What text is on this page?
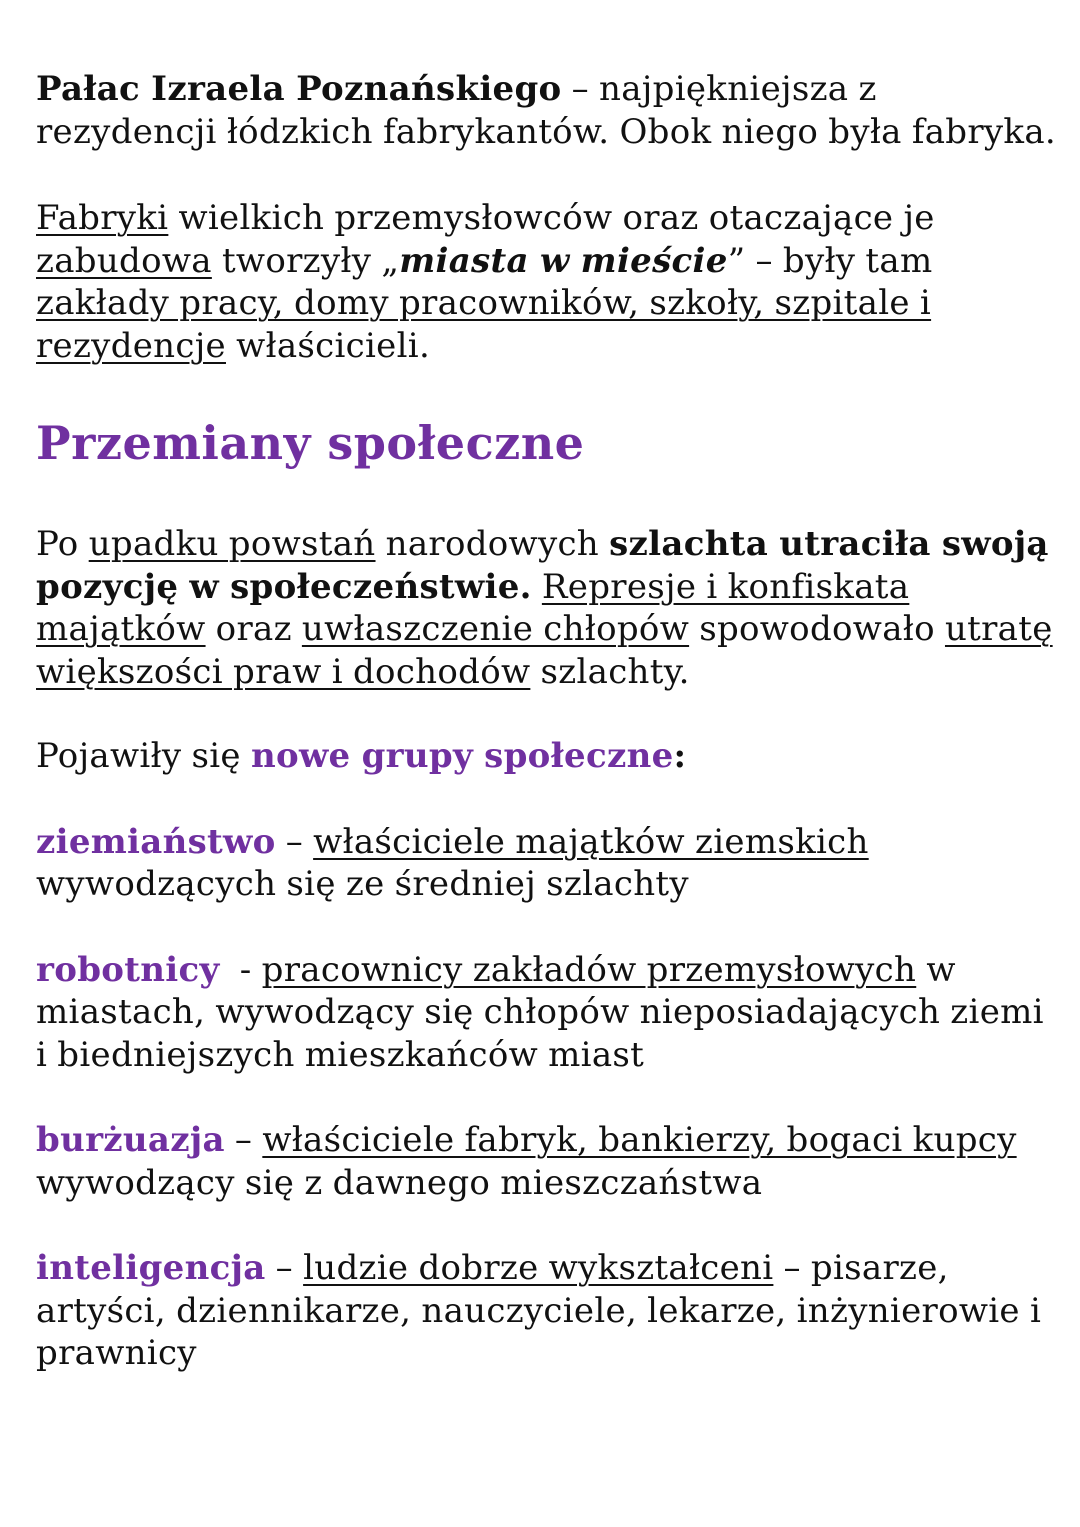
Pałac Izraela Poznańskiego – najpiękniejsza z rezydencji łódzkich fabrykantów. Obok niego była fabryka.

Fabryki wielkich przemysłowców oraz otaczające je zabudowa tworzyły „miasta w mieście” – były tam zakłady pracy, domy pracowników, szkoły, szpitale i rezydencje właścicieli.

Przemiany społeczne

Po upadku powstań narodowych szlachta utraciła swoją pozycję w społeczeństwie. Represje i konfiskata majątków oraz uwłaszczenie chłopów spowodowało utratę większości praw i dochodów szlachty.

Pojawiły się nowe grupy społeczne:

ziemiaństwo – właściciele majątków ziemskich wywodzących się ze średniej szlachty

robotnicy  - pracownicy zakładów przemysłowych w miastach, wywodzący się chłopów nieposiadających ziemi i biedniejszych mieszkańców miast

burżuazja – właściciele fabryk, bankierzy, bogaci kupcy wywodzący się z dawnego mieszczaństwa

inteligencja – ludzie dobrze wykształceni – pisarze, artyści, dziennikarze, nauczyciele, lekarze, inżynierowie i prawnicy
